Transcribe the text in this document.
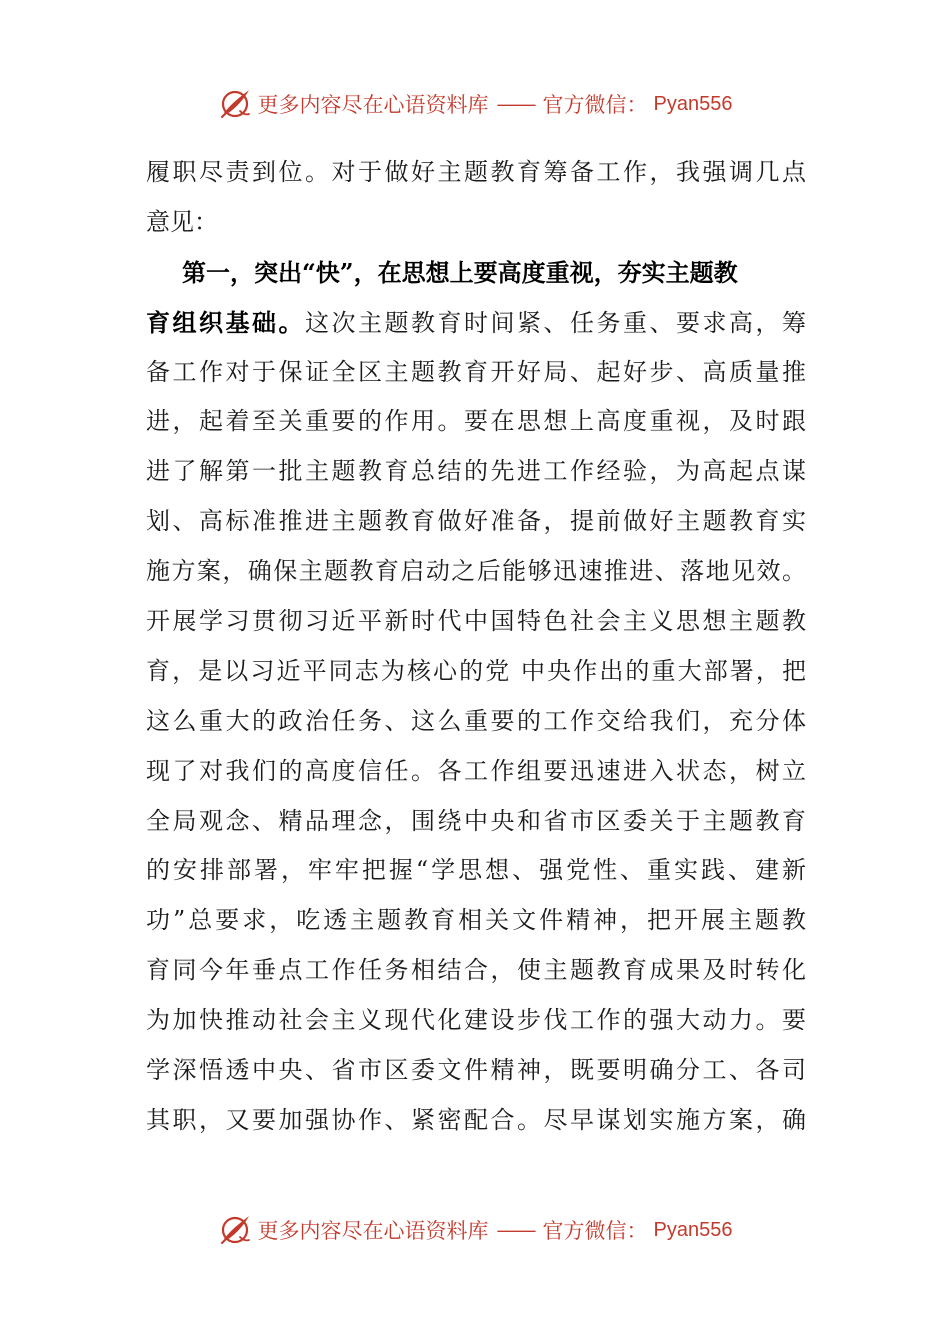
更多内容尽在心语资料库 —— 官方微信： Pyan556
履职尽责到位。对于做好主题教育筹备工作，我强调几点
意见：
第一，突出“快”，在思想上要高度重视，夯实主题教
育组织基础。这次主题教育时间紧、任务重、要求高，筹
备工作对于保证全区主题教育开好局、起好步、高质量推
进，起着至关重要的作用。要在思想上高度重视，及时跟
进了解第一批主题教育总结的先进工作经验，为高起点谋
划、高标准推进主题教育做好准备，提前做好主题教育实
施方案，确保主题教育启动之后能够迅速推进、落地见效。
开展学习贯彻习近平新时代中国特色社会主义思想主题教
育，是以习近平同志为核心的党 中央作出的重大部署，把
这么重大的政治任务、这么重要的工作交给我们，充分体
现了对我们的高度信任。各工作组要迅速进入状态，树立
全局观念、精品理念，围绕中央和省市区委关于主题教育
的安排部署，牢牢把握“学思想、强党性、重实践、建新
功”总要求，吃透主题教育相关文件精神，把开展主题教
育同今年垂点工作任务相结合，使主题教育成果及时转化
为加快推动社会主义现代化建设步伐工作的强大动力。要
学深悟透中央、省市区委文件精神，既要明确分工、各司
其职，又要加强协作、紧密配合。尽早谋划实施方案，确
更多内容尽在心语资料库 —— 官方微信： Pyan556
